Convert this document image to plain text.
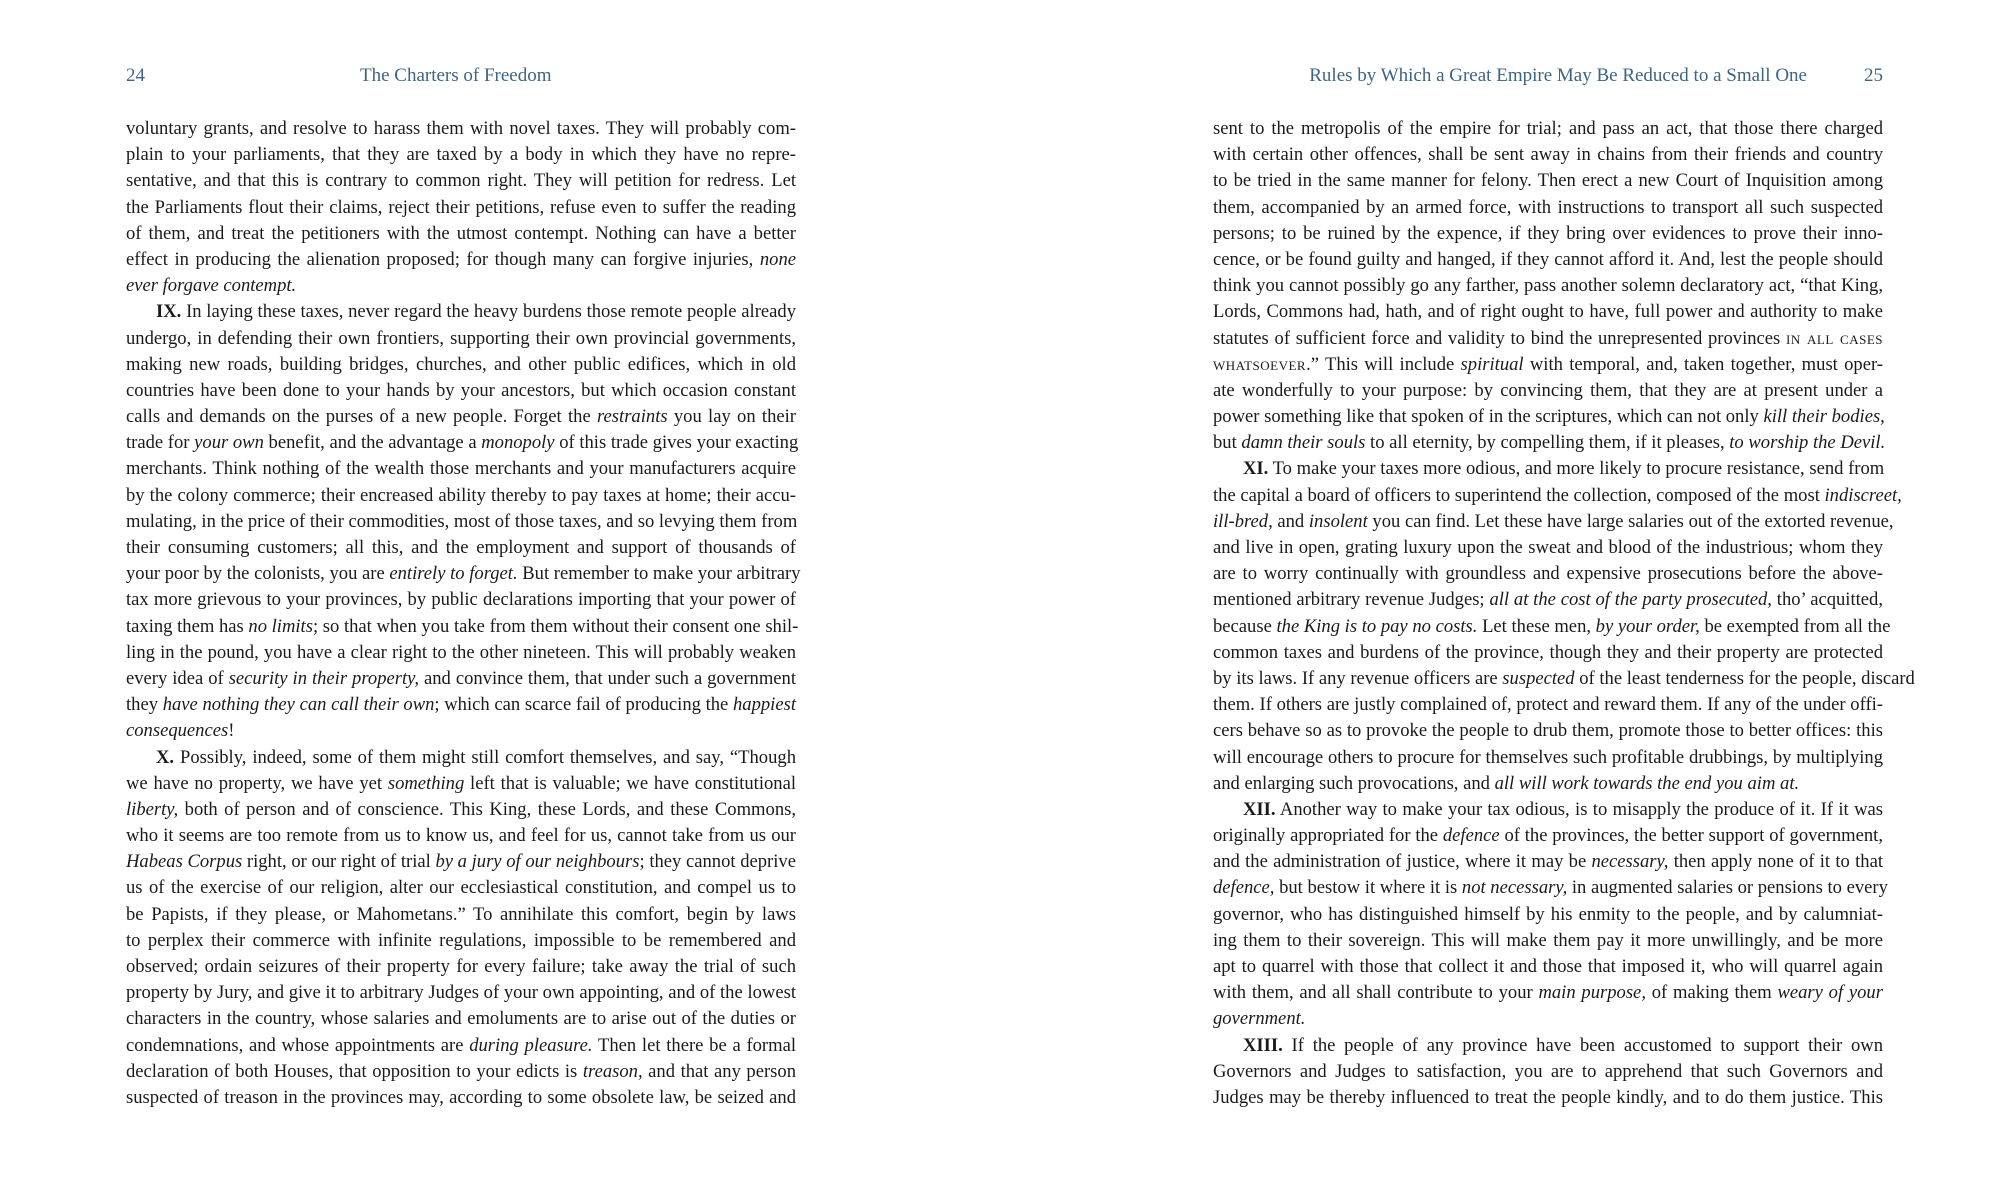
24	The Charters of Freedom
voluntary grants, and resolve to harass them with novel taxes. They will probably com-
plain to your parliaments, that they are taxed by a body in which they have no repre-
sentative, and that this is contrary to common right. They will petition for redress. Let
the Parliaments flout their claims, reject their petitions, refuse even to suffer the reading
of them, and treat the petitioners with the utmost contempt. Nothing can have a better
effect in producing the alienation proposed; for though many can forgive injuries, none
ever forgave contempt.
IX. In laying these taxes, never regard the heavy burdens those remote people already
undergo, in defending their own frontiers, supporting their own provincial governments,
making new roads, building bridges, churches, and other public edifices, which in old
countries have been done to your hands by your ancestors, but which occasion constant
calls and demands on the purses of a new people. Forget the restraints you lay on their
trade for your own benefit, and the advantage a monopoly of this trade gives your exacting
merchants. Think nothing of the wealth those merchants and your manufacturers acquire
by the colony commerce; their encreased ability thereby to pay taxes at home; their accu-
mulating, in the price of their commodities, most of those taxes, and so levying them from
their consuming customers; all this, and the employment and support of thousands of
your poor by the colonists, you are entirely to forget. But remember to make your arbitrary
tax more grievous to your provinces, by public declarations importing that your power of
taxing them has no limits; so that when you take from them without their consent one shil-
ling in the pound, you have a clear right to the other nineteen. This will probably weaken
every idea of security in their property, and convince them, that under such a government
they have nothing they can call their own; which can scarce fail of producing the happiest
consequences!
X. Possibly, indeed, some of them might still comfort themselves, and say, “Though
we have no property, we have yet something left that is valuable; we have constitutional
liberty, both of person and of conscience. This King, these Lords, and these Commons,
who it seems are too remote from us to know us, and feel for us, cannot take from us our
Habeas Corpus right, or our right of trial by a jury of our neighbours; they cannot deprive
us of the exercise of our religion, alter our ecclesiastical constitution, and compel us to
be Papists, if they please, or Mahometans.” To annihilate this comfort, begin by laws
to perplex their commerce with infinite regulations, impossible to be remembered and
observed; ordain seizures of their property for every failure; take away the trial of such
property by Jury, and give it to arbitrary Judges of your own appointing, and of the lowest
characters in the country, whose salaries and emoluments are to arise out of the duties or
condemnations, and whose appointments are during pleasure. Then let there be a formal
declaration of both Houses, that opposition to your edicts is treason, and that any person
suspected of treason in the provinces may, according to some obsolete law, be seized and
Rules by Which a Great Empire May Be Reduced to a Small One	25
sent to the metropolis of the empire for trial; and pass an act, that those there charged
with certain other offences, shall be sent away in chains from their friends and country
to be tried in the same manner for felony. Then erect a new Court of Inquisition among
them, accompanied by an armed force, with instructions to transport all such suspected
persons; to be ruined by the expence, if they bring over evidences to prove their inno-
cence, or be found guilty and hanged, if they cannot afford it. And, lest the people should
think you cannot possibly go any farther, pass another solemn declaratory act, “that King,
Lords, Commons had, hath, and of right ought to have, full power and authority to make
statutes of sufficient force and validity to bind the unrepresented provinces in all cases
whatsoever.” This will include spiritual with temporal, and, taken together, must oper-
ate wonderfully to your purpose: by convincing them, that they are at present under a
power something like that spoken of in the scriptures, which can not only kill their bodies,
but damn their souls to all eternity, by compelling them, if it pleases, to worship the Devil.
XI. To make your taxes more odious, and more likely to procure resistance, send from
the capital a board of officers to superintend the collection, composed of the most indiscreet,
ill-bred, and insolent you can find. Let these have large salaries out of the extorted revenue,
and live in open, grating luxury upon the sweat and blood of the industrious; whom they
are to worry continually with groundless and expensive prosecutions before the above-
mentioned arbitrary revenue Judges; all at the cost of the party prosecuted, tho’ acquitted,
because the King is to pay no costs. Let these men, by your order, be exempted from all the
common taxes and burdens of the province, though they and their property are protected
by its laws. If any revenue officers are suspected of the least tenderness for the people, discard
them. If others are justly complained of, protect and reward them. If any of the under offi-
cers behave so as to provoke the people to drub them, promote those to better offices: this
will encourage others to procure for themselves such profitable drubbings, by multiplying
and enlarging such provocations, and all will work towards the end you aim at.
XII. Another way to make your tax odious, is to misapply the produce of it. If it was
originally appropriated for the defence of the provinces, the better support of government,
and the administration of justice, where it may be necessary, then apply none of it to that
defence, but bestow it where it is not necessary, in augmented salaries or pensions to every
governor, who has distinguished himself by his enmity to the people, and by calumniat-
ing them to their sovereign. This will make them pay it more unwillingly, and be more
apt to quarrel with those that collect it and those that imposed it, who will quarrel again
with them, and all shall contribute to your main purpose, of making them weary of your
government.
XIII. If the people of any province have been accustomed to support their own
Governors and Judges to satisfaction, you are to apprehend that such Governors and
Judges may be thereby influenced to treat the people kindly, and to do them justice. This
